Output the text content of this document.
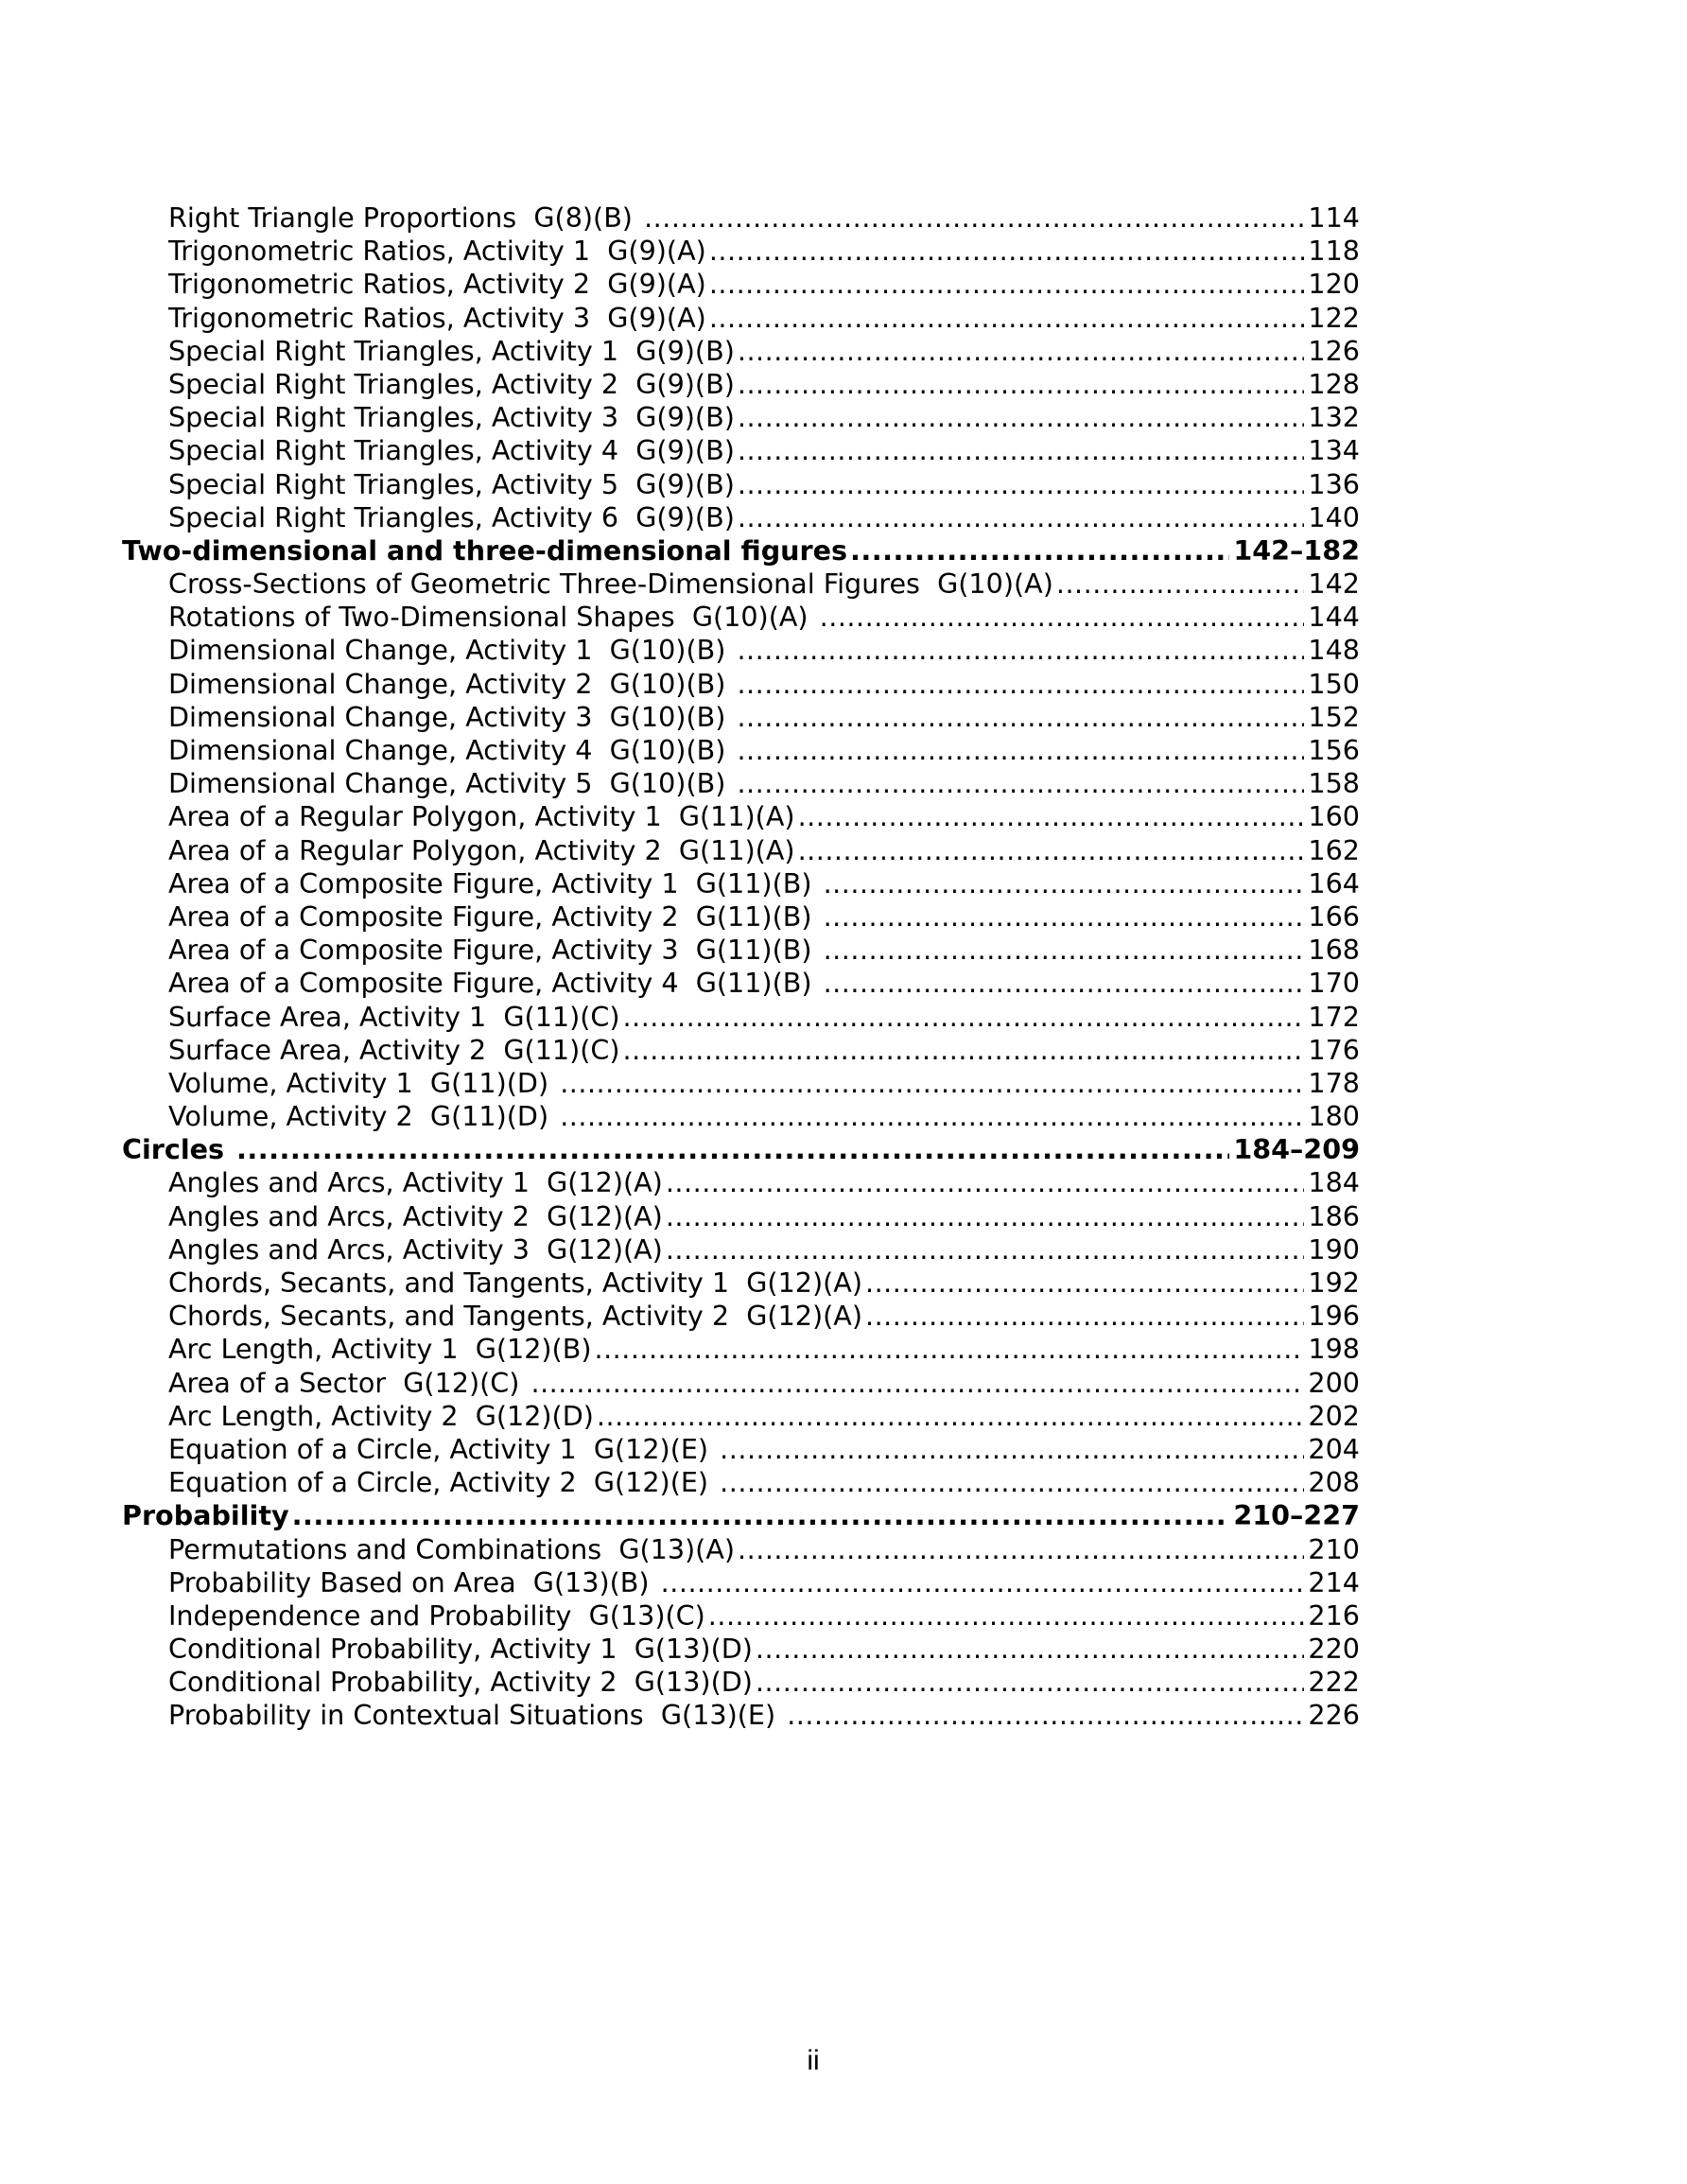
Right Triangle Proportions  G(8)(B) .....	114
Trigonometric Ratios, Activity 1  G(9)(A) .....	118
Trigonometric Ratios, Activity 2  G(9)(A) .....	120
Trigonometric Ratios, Activity 3  G(9)(A) .....	122
Special Right Triangles, Activity 1  G(9)(B) .....	126
Special Right Triangles, Activity 2  G(9)(B) .....	128
Special Right Triangles, Activity 3  G(9)(B) .....	132
Special Right Triangles, Activity 4  G(9)(B) .....	134
Special Right Triangles, Activity 5  G(9)(B) .....	136
Special Right Triangles, Activity 6  G(9)(B) .....	140
Two-dimensional and three-dimensional figures .....	142–182
Cross-Sections of Geometric Three-Dimensional Figures  G(10)(A) .....	142
Rotations of Two-Dimensional Shapes  G(10)(A) .....	144
Dimensional Change, Activity 1  G(10)(B) .....	148
Dimensional Change, Activity 2  G(10)(B) .....	150
Dimensional Change, Activity 3  G(10)(B) .....	152
Dimensional Change, Activity 4  G(10)(B) .....	156
Dimensional Change, Activity 5  G(10)(B) .....	158
Area of a Regular Polygon, Activity 1  G(11)(A) .....	160
Area of a Regular Polygon, Activity 2  G(11)(A) .....	162
Area of a Composite Figure, Activity 1  G(11)(B) .....	164
Area of a Composite Figure, Activity 2  G(11)(B) .....	166
Area of a Composite Figure, Activity 3  G(11)(B) .....	168
Area of a Composite Figure, Activity 4  G(11)(B) .....	170
Surface Area, Activity 1  G(11)(C) .....	172
Surface Area, Activity 2  G(11)(C) .....	176
Volume, Activity 1  G(11)(D) .....	178
Volume, Activity 2  G(11)(D) .....	180
Circles .....	184–209
Angles and Arcs, Activity 1  G(12)(A) .....	184
Angles and Arcs, Activity 2  G(12)(A) .....	186
Angles and Arcs, Activity 3  G(12)(A) .....	190
Chords, Secants, and Tangents, Activity 1  G(12)(A) .....	192
Chords, Secants, and Tangents, Activity 2  G(12)(A) .....	196
Arc Length, Activity 1  G(12)(B) .....	198
Area of a Sector  G(12)(C) .....	200
Arc Length, Activity 2  G(12)(D) .....	202
Equation of a Circle, Activity 1  G(12)(E) .....	204
Equation of a Circle, Activity 2  G(12)(E) .....	208
Probability .....	210–227
Permutations and Combinations  G(13)(A) .....	210
Probability Based on Area  G(13)(B) .....	214
Independence and Probability  G(13)(C) .....	216
Conditional Probability, Activity 1  G(13)(D) .....	220
Conditional Probability, Activity 2  G(13)(D) .....	222
Probability in Contextual Situations  G(13)(E) .....	226
ii
